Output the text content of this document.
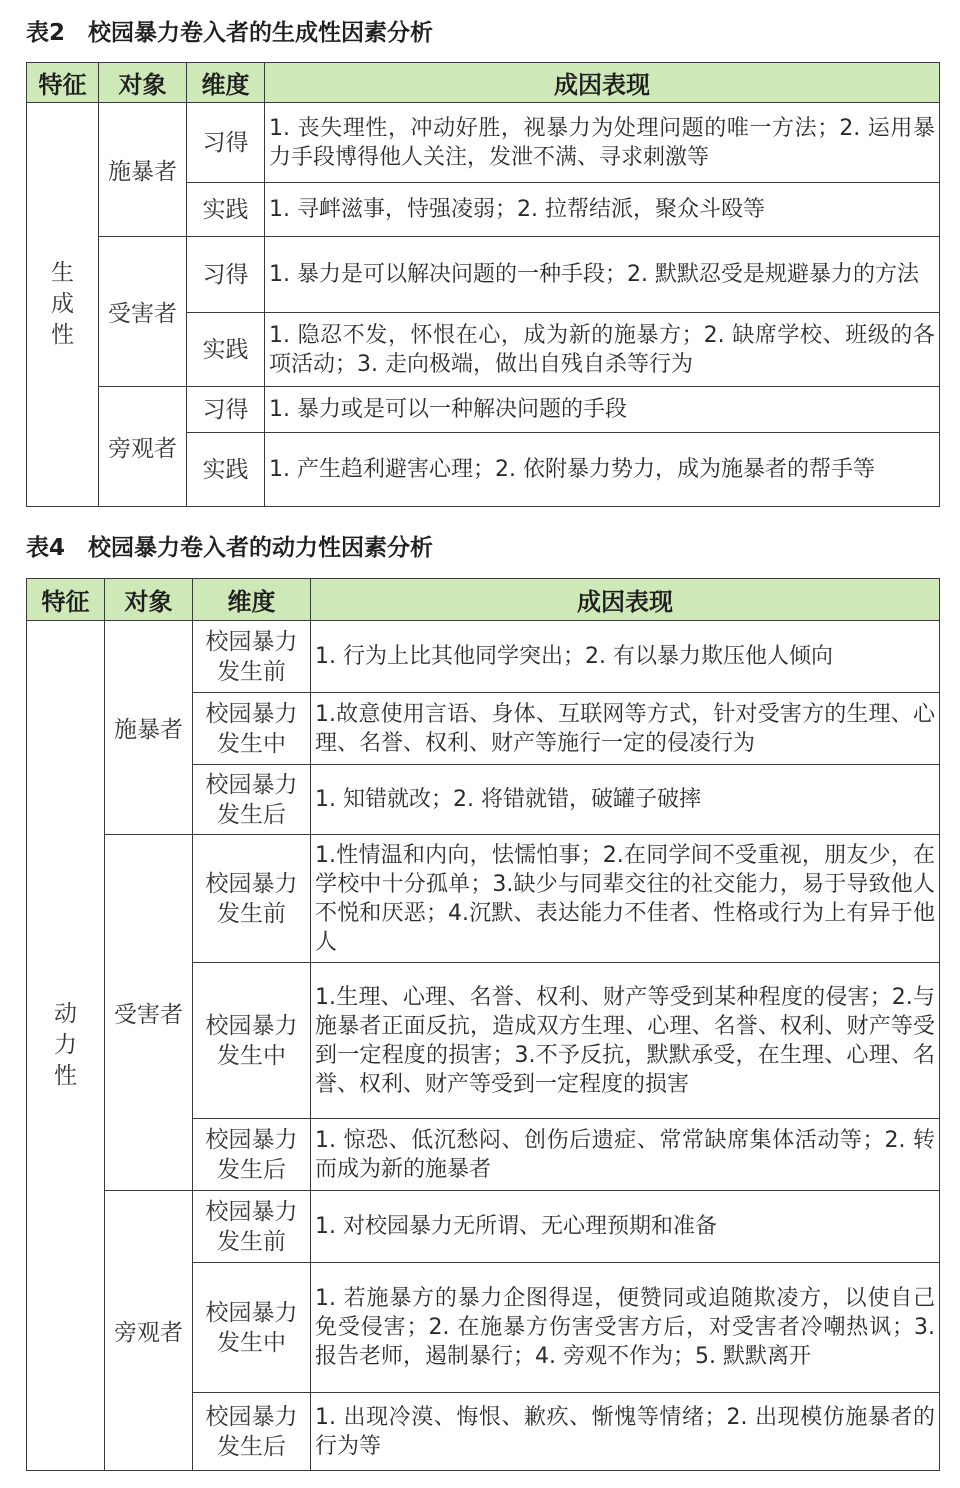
表2　校园暴力卷入者的生成性因素分析
特征	对象	维度	成因表现
生成性	施暴者	习得	1. 丧失理性，冲动好胜，视暴力为处理问题的唯一方法；2. 运用暴力手段博得他人关注，发泄不满、寻求刺激等
		实践	1. 寻衅滋事，恃强凌弱；2. 拉帮结派，聚众斗殴等
	受害者	习得	1. 暴力是可以解决问题的一种手段；2. 默默忍受是规避暴力的方法
		实践	1. 隐忍不发，怀恨在心，成为新的施暴方；2. 缺席学校、班级的各项活动；3. 走向极端，做出自残自杀等行为
	旁观者	习得	1. 暴力或是可以一种解决问题的手段
		实践	1. 产生趋利避害心理；2. 依附暴力势力，成为施暴者的帮手等
表4　校园暴力卷入者的动力性因素分析
特征	对象	维度	成因表现
动力性	施暴者	校园暴力发生前	1. 行为上比其他同学突出；2. 有以暴力欺压他人倾向
		校园暴力发生中	1.故意使用言语、身体、互联网等方式，针对受害方的生理、心理、名誉、权利、财产等施行一定的侵凌行为
		校园暴力发生后	1. 知错就改；2. 将错就错，破罐子破摔
	受害者	校园暴力发生前	1.性情温和内向，怯懦怕事；2.在同学间不受重视，朋友少，在学校中十分孤单；3.缺少与同辈交往的社交能力，易于导致他人不悦和厌恶；4.沉默、表达能力不佳者、性格或行为上有异于他人
		校园暴力发生中	1.生理、心理、名誉、权利、财产等受到某种程度的侵害；2.与施暴者正面反抗，造成双方生理、心理、名誉、权利、财产等受到一定程度的损害；3.不予反抗，默默承受，在生理、心理、名誉、权利、财产等受到一定程度的损害
		校园暴力发生后	1. 惊恐、低沉愁闷、创伤后遗症、常常缺席集体活动等；2. 转而成为新的施暴者
	旁观者	校园暴力发生前	1. 对校园暴力无所谓、无心理预期和准备
		校园暴力发生中	1. 若施暴方的暴力企图得逞，便赞同或追随欺凌方，以使自己免受侵害；2. 在施暴方伤害受害方后，对受害者冷嘲热讽；3. 报告老师，遏制暴行；4. 旁观不作为；5. 默默离开
		校园暴力发生后	1. 出现冷漠、悔恨、歉疚、惭愧等情绪；2. 出现模仿施暴者的行为等
